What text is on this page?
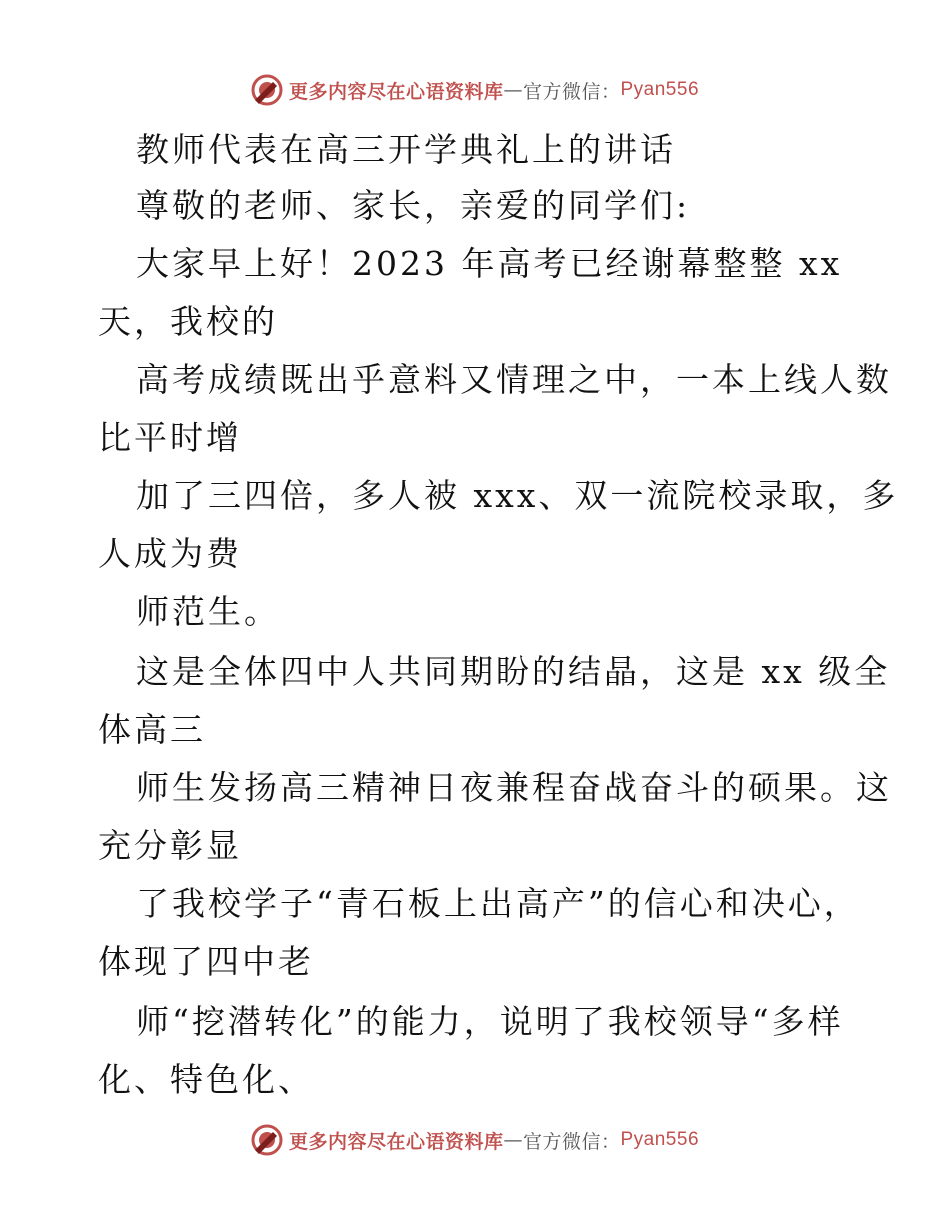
更多内容尽在心语资料库 — 官方微信： Pyan556
教师代表在高三开学典礼上的讲话
尊敬的老师、家长，亲爱的同学们:
大家早上好！2023 年高考已经谢幕整整 xx
天，我校的
高考成绩既出乎意料又情理之中，一本上线人数
比平时增
加了三四倍，多人被 xxx、双一流院校录取，多
人成为费
师范生。
这是全体四中人共同期盼的结晶，这是 xx 级全
体高三
师生发扬高三精神日夜兼程奋战奋斗的硕果。这
充分彰显
了我校学子“青石板上出高产”的信心和决心，
体现了四中老
师“挖潜转化”的能力，说明了我校领导“多样
化、特色化、
更多内容尽在心语资料库 — 官方微信： Pyan556
